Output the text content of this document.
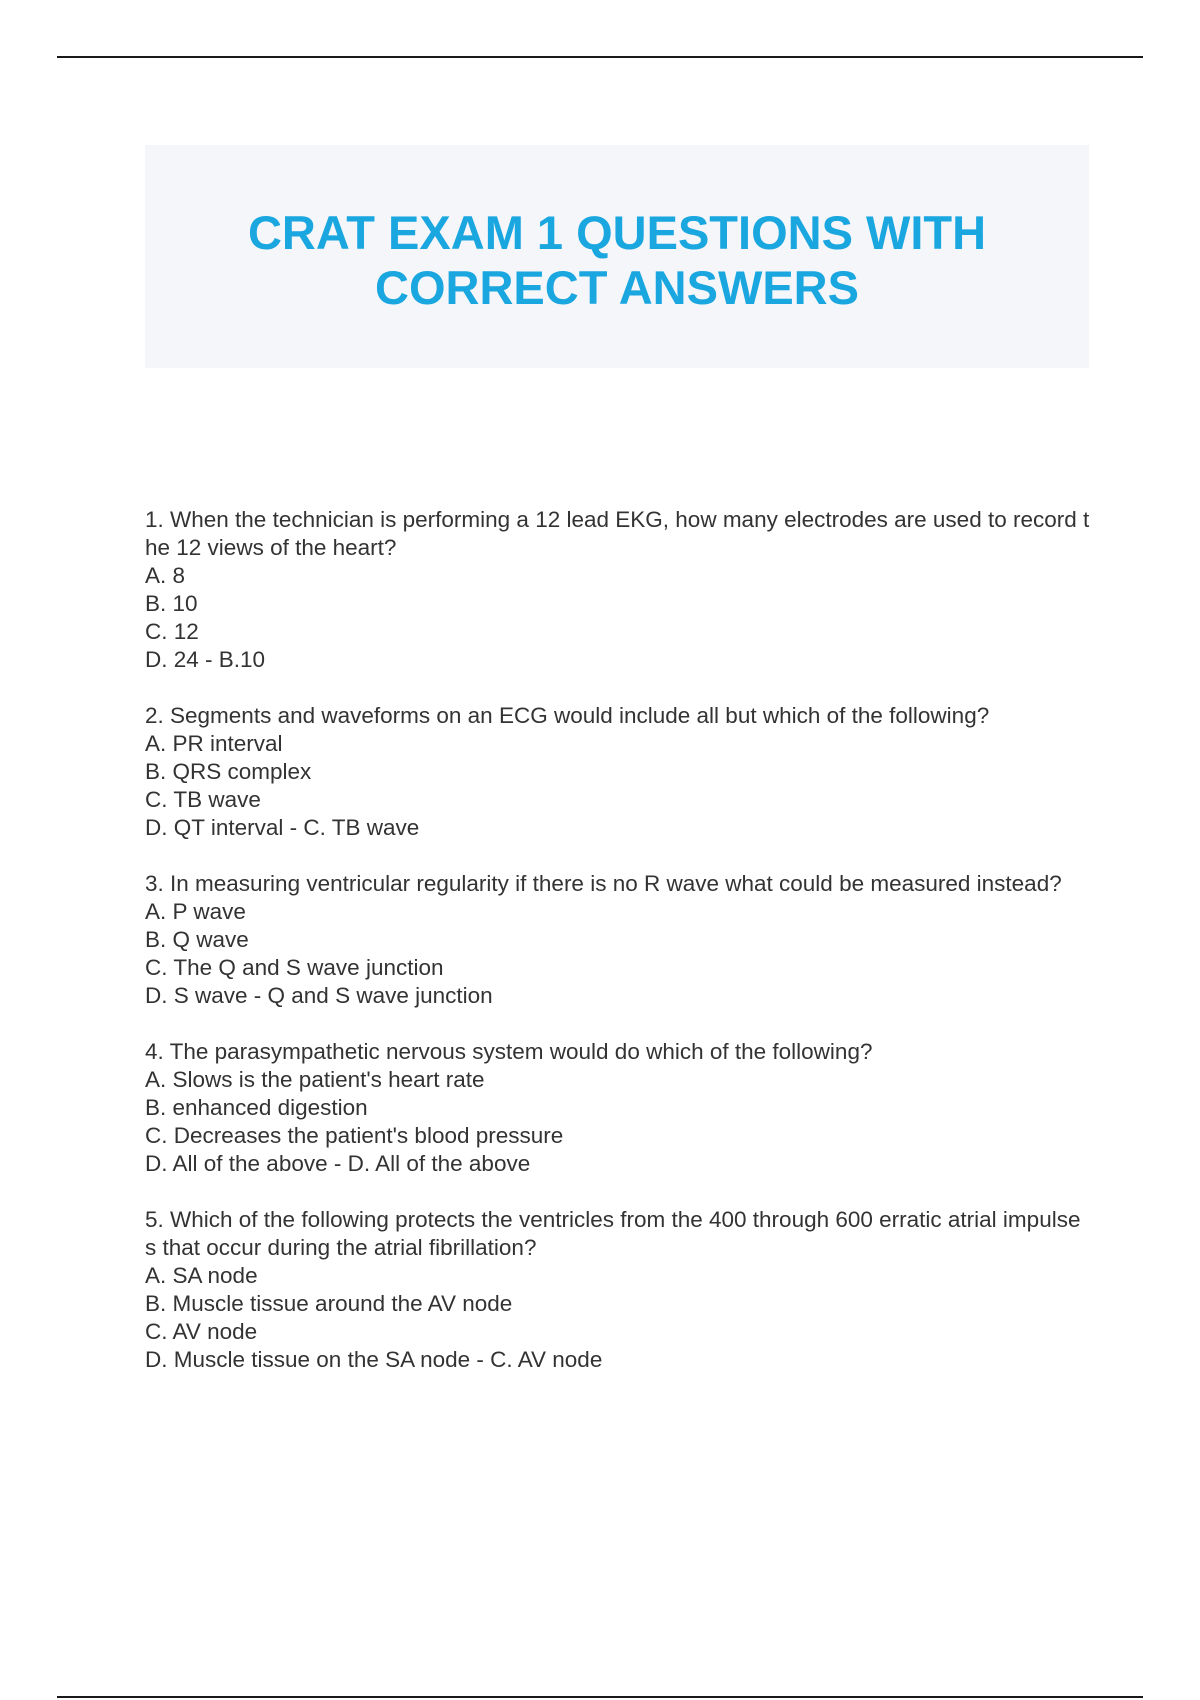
CRAT EXAM 1 QUESTIONS WITH
CORRECT ANSWERS

1. When the technician is performing a 12 lead EKG, how many electrodes are used to record the 12 views of the heart?

A. 8
B. 10
C. 12
D. 24 - B.10

2. Segments and waveforms on an ECG would include all but which of the following?

A. PR interval
B. QRS complex
C. TB wave
D. QT interval - C. TB wave

3. In measuring ventricular regularity if there is no R wave what could be measured instead?

A. P wave
B. Q wave
C. The Q and S wave junction
D. S wave - Q and S wave junction

4. The parasympathetic nervous system would do which of the following?

A. Slows is the patient's heart rate
B. enhanced digestion
C. Decreases the patient's blood pressure
D. All of the above - D. All of the above

5. Which of the following protects the ventricles from the 400 through 600 erratic atrial impulses that occur during the atrial fibrillation?

A. SA node
B. Muscle tissue around the AV node
C. AV node
D. Muscle tissue on the SA node - C. AV node
